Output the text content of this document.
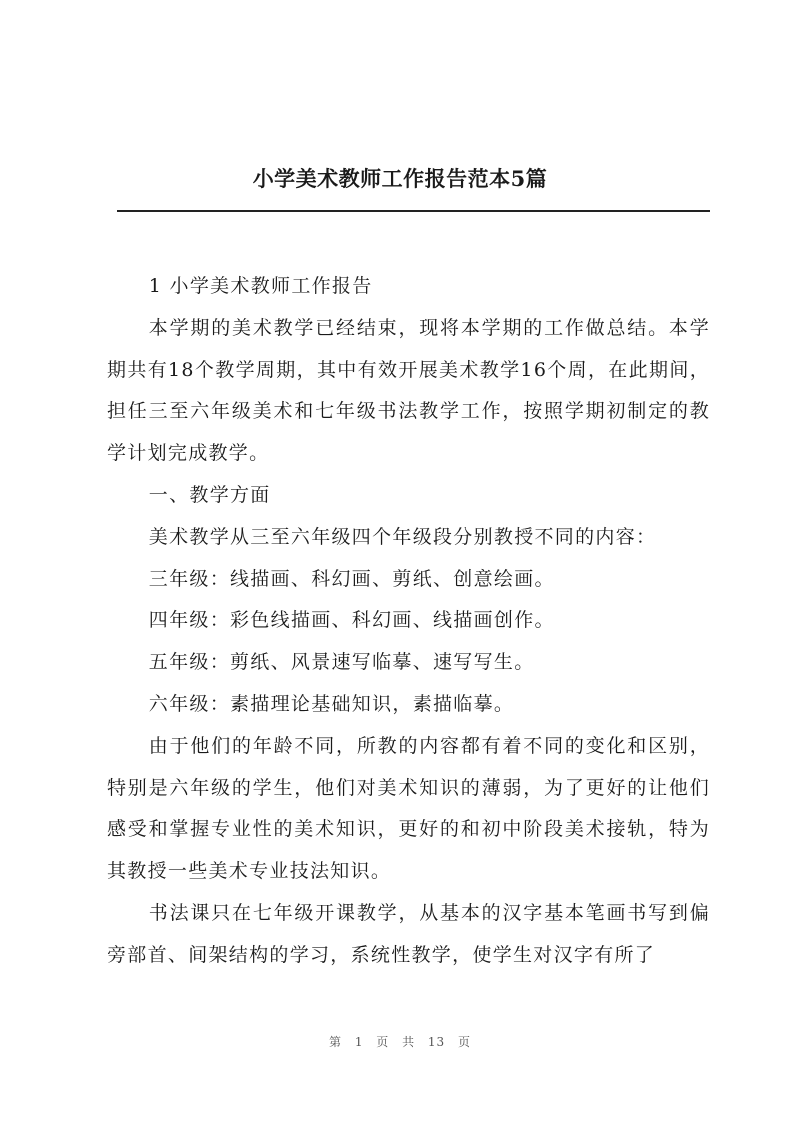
小学美术教师工作报告范本5篇

1 小学美术教师工作报告

本学期的美术教学已经结束，现将本学期的工作做总结。本学期共有18个教学周期，其中有效开展美术教学16个周，在此期间，担任三至六年级美术和七年级书法教学工作，按照学期初制定的教学计划完成教学。

一、教学方面

美术教学从三至六年级四个年级段分别教授不同的内容：

三年级：线描画、科幻画、剪纸、创意绘画。

四年级：彩色线描画、科幻画、线描画创作。

五年级：剪纸、风景速写临摹、速写写生。

六年级：素描理论基础知识，素描临摹。

由于他们的年龄不同，所教的内容都有着不同的变化和区别，特别是六年级的学生，他们对美术知识的薄弱，为了更好的让他们感受和掌握专业性的美术知识，更好的和初中阶段美术接轨，特为其教授一些美术专业技法知识。

书法课只在七年级开课教学，从基本的汉字基本笔画书写到偏旁部首、间架结构的学习，系统性教学，使学生对汉字有所了

第 1 页 共 13 页
